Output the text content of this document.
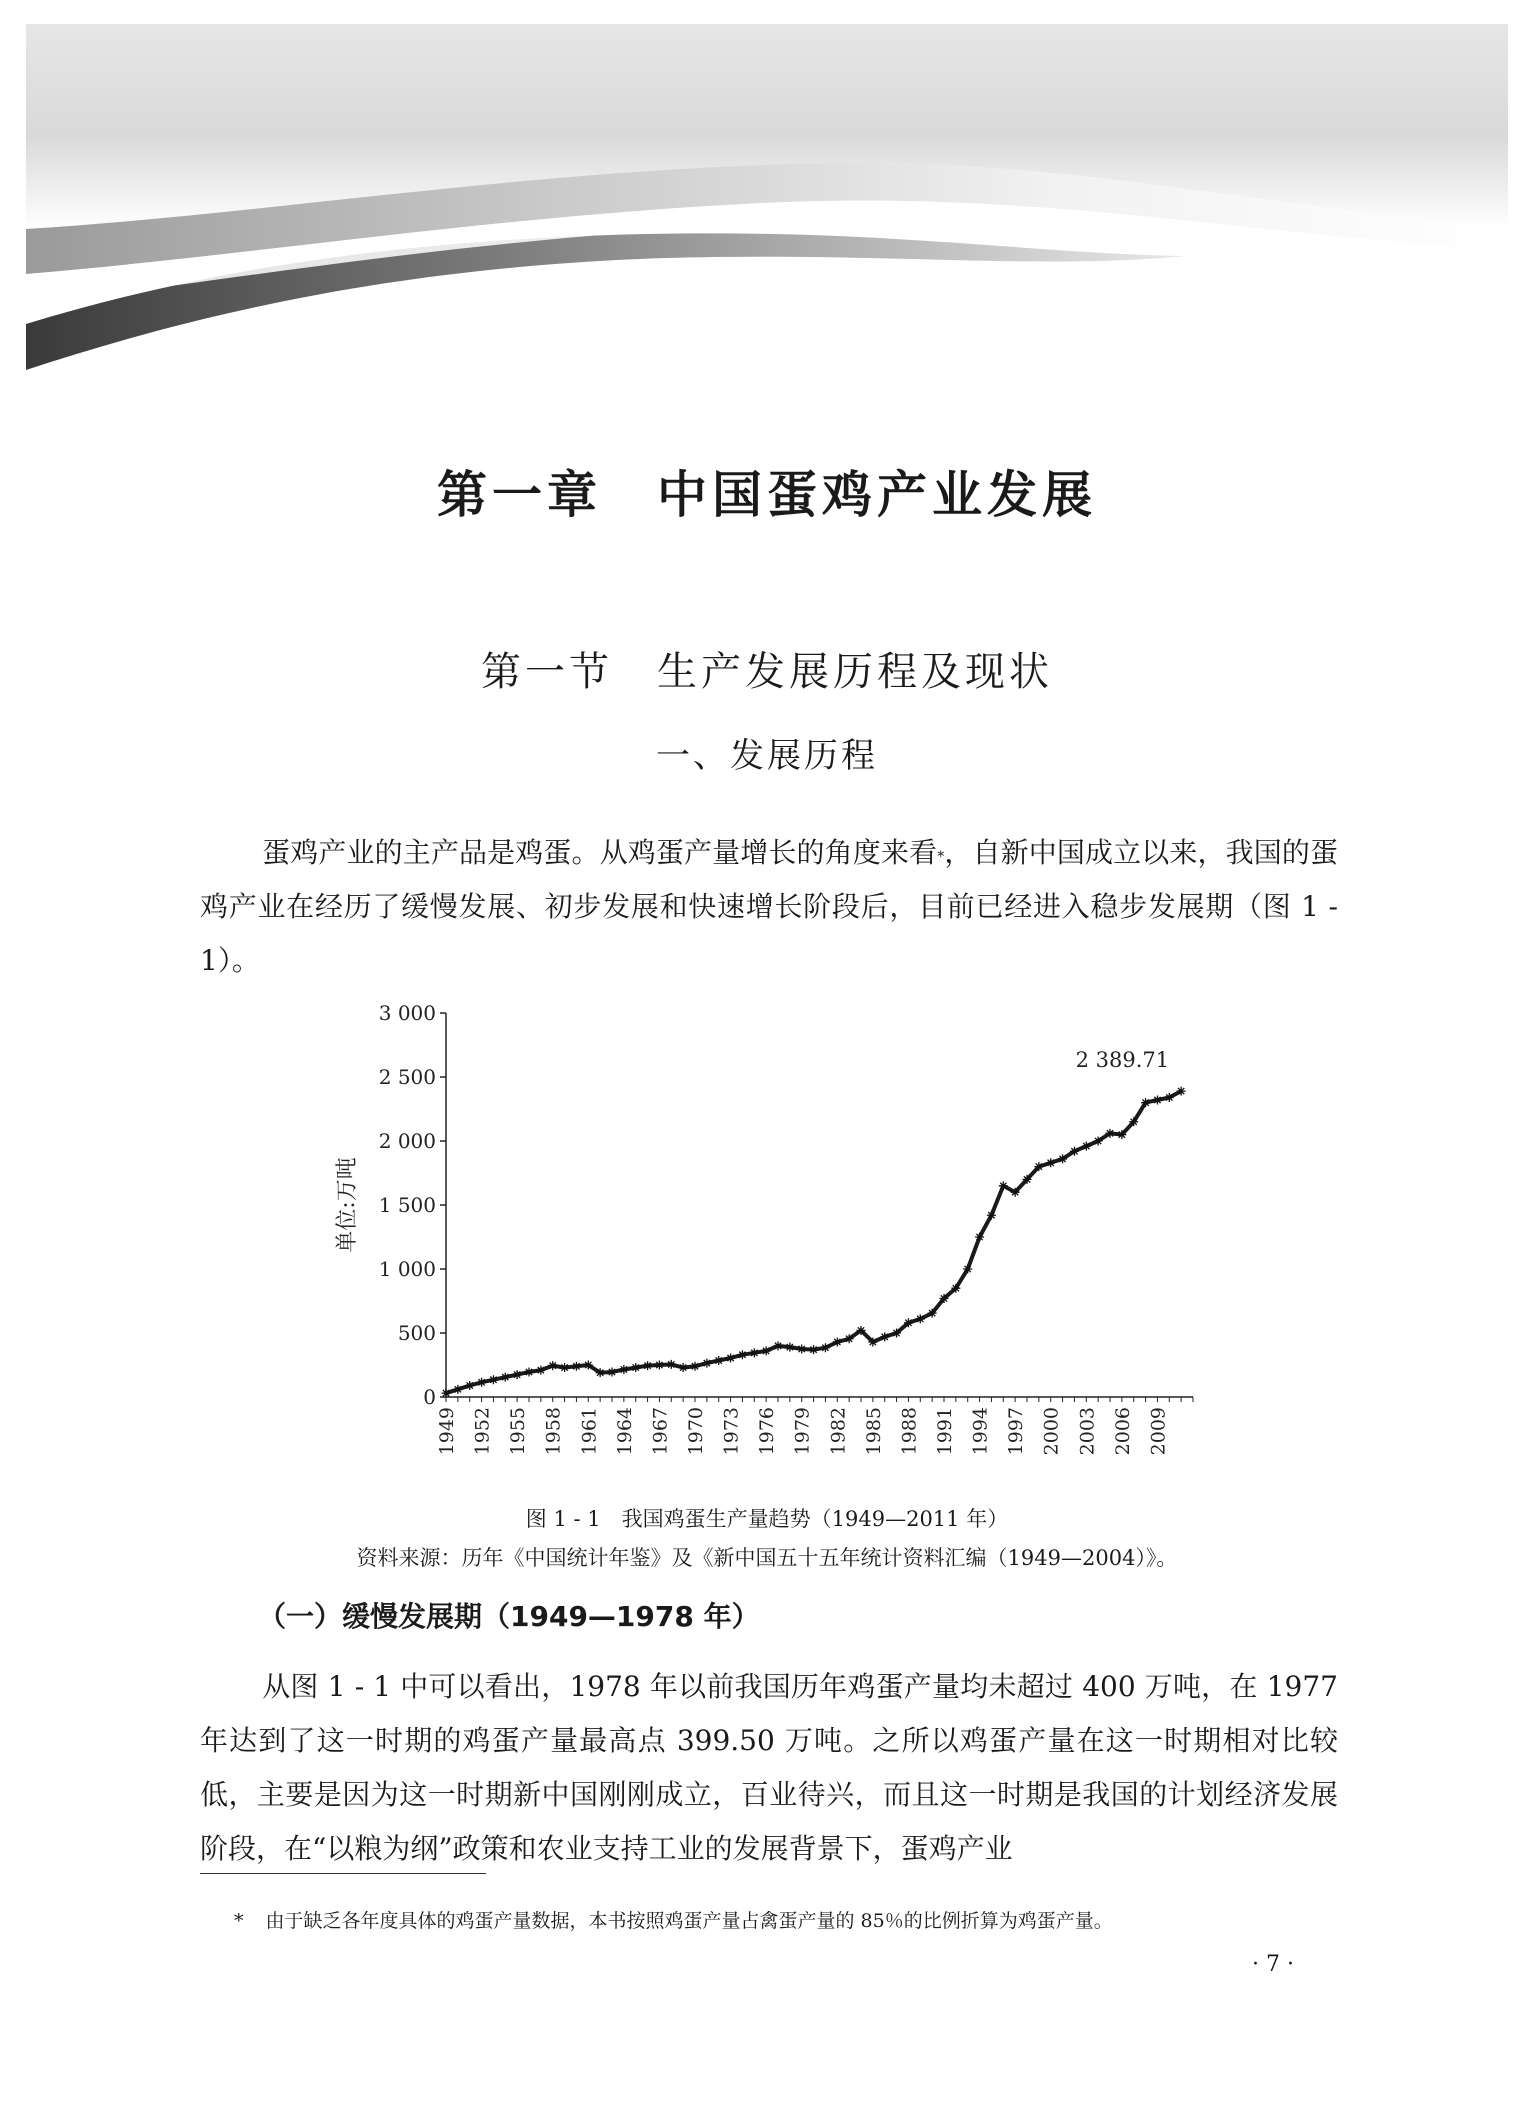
第一章　中国蛋鸡产业发展
第一节　生产发展历程及现状
一、发展历程

蛋鸡产业的主产品是鸡蛋。从鸡蛋产量增长的角度来看*，自新中国成立以来，我国的蛋鸡产业在经历了缓慢发展、初步发展和快速增长阶段后，目前已经进入稳步发展期（图 1 - 1）。

0
500
1 000
1 500
2 000
2 500
3 000
1949 1952 1955 1958 1961 1964 1967 1970 1973 1976 1979 1982 1985 1988 1991 1994 1997 2000 2003 2006 2009
单位:万吨
2 389.71
图 1 - 1　我国鸡蛋生产量趋势（1949—2011 年）
资料来源：历年《中国统计年鉴》及《新中国五十五年统计资料汇编（1949—2004）》。
（一）缓慢发展期（1949—1978 年）

从图 1 - 1 中可以看出，1978 年以前我国历年鸡蛋产量均未超过 400 万吨，在 1977 年达到了这一时期的鸡蛋产量最高点 399.50 万吨。之所以鸡蛋产量在这一时期相对比较低，主要是因为这一时期新中国刚刚成立，百业待兴，而且这一时期是我国的计划经济发展阶段，在“以粮为纲”政策和农业支持工业的发展背景下，蛋鸡产业

* 由于缺乏各年度具体的鸡蛋产量数据，本书按照鸡蛋产量占禽蛋产量的 85％的比例折算为鸡蛋产量。
· 7 ·
